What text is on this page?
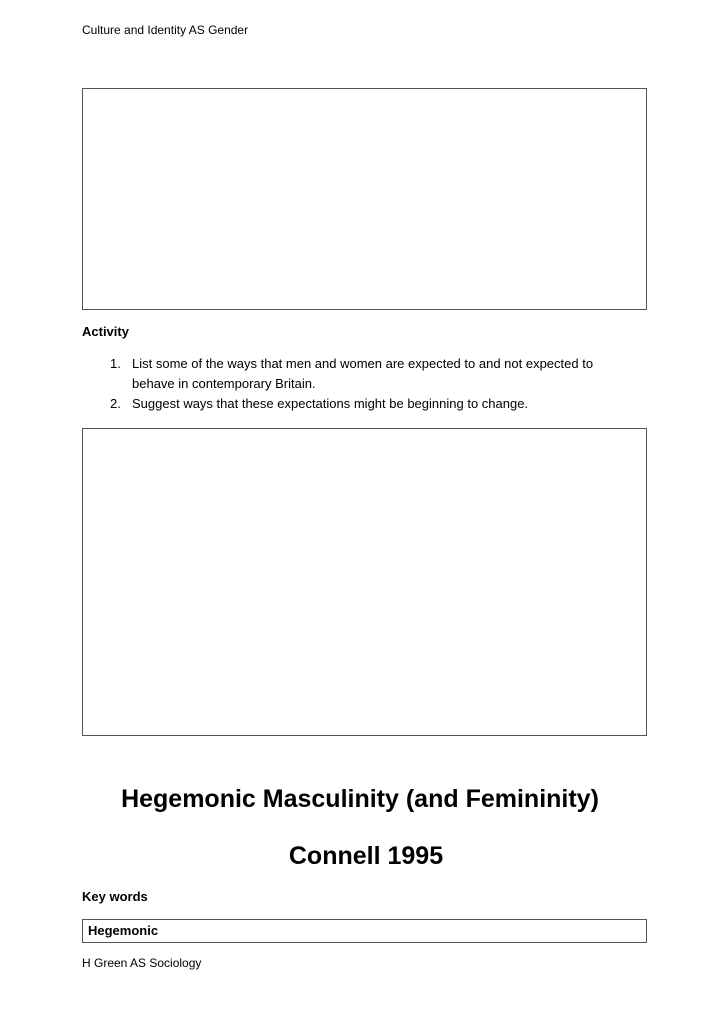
Culture and Identity AS Gender
Activity
1. List some of the ways that men and women are expected to and not expected to behave in contemporary Britain.
2. Suggest ways that these expectations might be beginning to change.
Hegemonic Masculinity (and Femininity)
Connell 1995
Key words
Hegemonic
H Green AS Sociology
